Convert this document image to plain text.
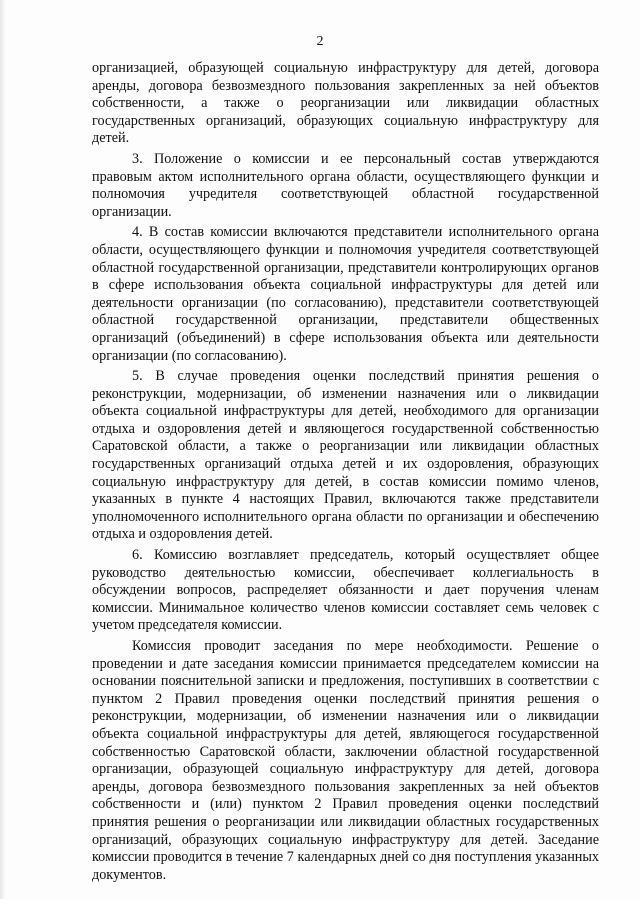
2

организацией, образующей социальную инфраструктуру для детей, договора аренды, договора безвозмездного пользования закрепленных за ней объектов собственности, а также о реорганизации или ликвидации областных государственных организаций, образующих социальную инфраструктуру для детей.

3. Положение о комиссии и ее персональный состав утверждаются правовым актом исполнительного органа области, осуществляющего функции и полномочия учредителя соответствующей областной государственной организации.

4. В состав комиссии включаются представители исполнительного органа области, осуществляющего функции и полномочия учредителя соответствующей областной государственной организации, представители контролирующих органов в сфере использования объекта социальной инфраструктуры для детей или деятельности организации (по согласованию), представители соответствующей областной государственной организации, представители общественных организаций (объединений) в сфере использования объекта или деятельности организации (по согласованию).

5. В случае проведения оценки последствий принятия решения о реконструкции, модернизации, об изменении назначения или о ликвидации объекта социальной инфраструктуры для детей, необходимого для организации отдыха и оздоровления детей и являющегося государственной собственностью Саратовской области, а также о реорганизации или ликвидации областных государственных организаций отдыха детей и их оздоровления, образующих социальную инфраструктуру для детей, в состав комиссии помимо членов, указанных в пункте 4 настоящих Правил, включаются также представители уполномоченного исполнительного органа области по организации и обеспечению отдыха и оздоровления детей.

6. Комиссию возглавляет председатель, который осуществляет общее руководство деятельностью комиссии, обеспечивает коллегиальность в обсуждении вопросов, распределяет обязанности и дает поручения членам комиссии. Минимальное количество членов комиссии составляет семь человек с учетом председателя комиссии.

Комиссия проводит заседания по мере необходимости. Решение о проведении и дате заседания комиссии принимается председателем комиссии на основании пояснительной записки и предложения, поступивших в соответствии с пунктом 2 Правил проведения оценки последствий принятия решения о реконструкции, модернизации, об изменении назначения или о ликвидации объекта социальной инфраструктуры для детей, являющегося государственной собственностью Саратовской области, заключении областной государственной организации, образующей социальную инфраструктуру для детей, договора аренды, договора безвозмездного пользования закрепленных за ней объектов собственности и (или) пунктом 2 Правил проведения оценки последствий принятия решения о реорганизации или ликвидации областных государственных организаций, образующих социальную инфраструктуру для детей. Заседание комиссии проводится в течение 7 календарных дней со дня поступления указанных документов.
